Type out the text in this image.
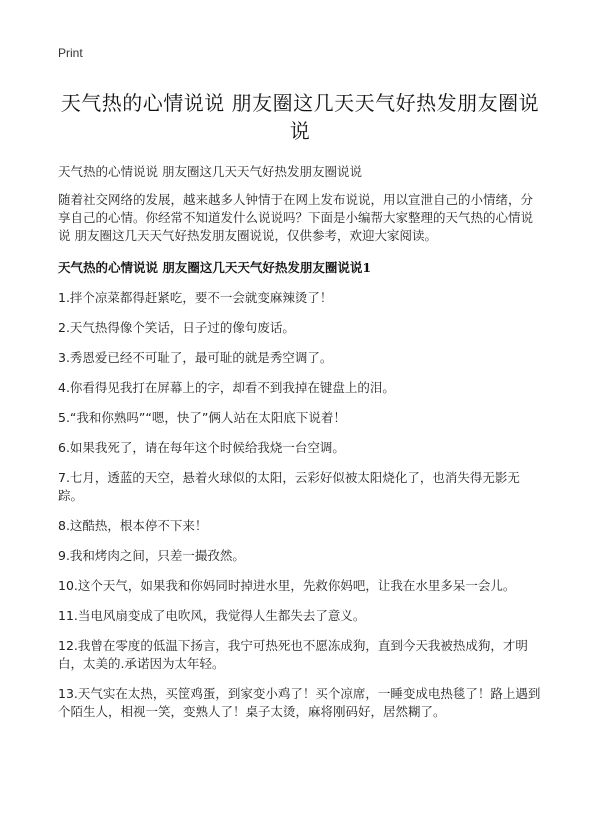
Print
天气热的心情说说 朋友圈这几天天气好热发朋友圈说说

天气热的心情说说 朋友圈这几天天气好热发朋友圈说说

随着社交网络的发展，越来越多人钟情于在网上发布说说，用以宣泄自己的小情绪，分享自己的心情。你经常不知道发什么说说吗？下面是小编帮大家整理的天气热的心情说说 朋友圈这几天天气好热发朋友圈说说，仅供参考，欢迎大家阅读。

天气热的心情说说 朋友圈这几天天气好热发朋友圈说说1

1.拌个凉菜都得赶紧吃，要不一会就变麻辣烫了！
2.天气热得像个笑话，日子过的像句废话。
3.秀恩爱已经不可耻了，最可耻的就是秀空调了。
4.你看得见我打在屏幕上的字，却看不到我掉在键盘上的泪。
5.“我和你熟吗”“嗯，快了”俩人站在太阳底下说着！
6.如果我死了，请在每年这个时候给我烧一台空调。
7.七月，透蓝的天空，悬着火球似的太阳，云彩好似被太阳烧化了，也消失得无影无踪。
8.这酷热，根本停不下来！
9.我和烤肉之间，只差一撮孜然。
10.这个天气，如果我和你妈同时掉进水里，先救你妈吧，让我在水里多呆一会儿。
11.当电风扇变成了电吹风，我觉得人生都失去了意义。
12.我曾在零度的低温下扬言，我宁可热死也不愿冻成狗，直到今天我被热成狗，才明白，太美的.承诺因为太年轻。
13.天气实在太热，买筐鸡蛋，到家变小鸡了！买个凉席，一睡变成电热毯了！路上遇到个陌生人，相视一笑，变熟人了！桌子太烫，麻将刚码好，居然糊了。
